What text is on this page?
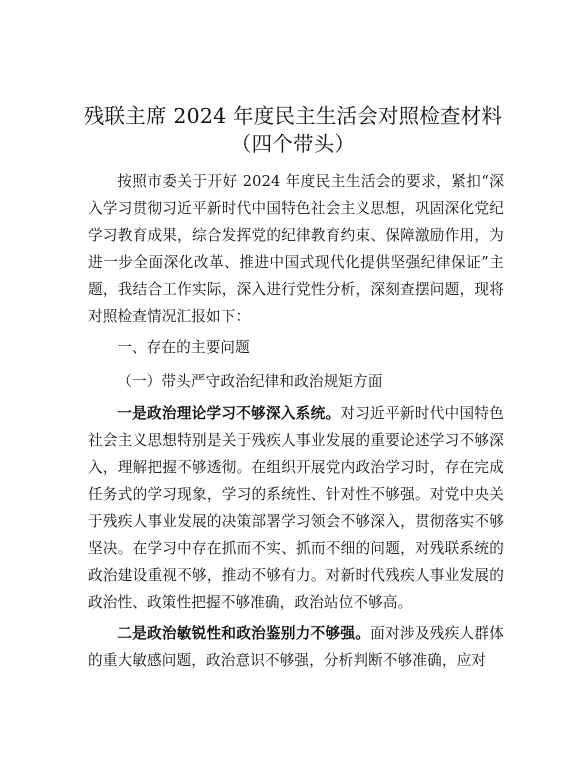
残联主席 2024 年度民主生活会对照检查材料
（四个带头）

按照市委关于开好 2024 年度民主生活会的要求，紧扣“深入学习贯彻习近平新时代中国特色社会主义思想，巩固深化党纪学习教育成果，综合发挥党的纪律教育约束、保障激励作用，为进一步全面深化改革、推进中国式现代化提供坚强纪律保证”主题，我结合工作实际，深入进行党性分析，深刻查摆问题，现将对照检查情况汇报如下：

一、存在的主要问题

（一）带头严守政治纪律和政治规矩方面

一是政治理论学习不够深入系统。对习近平新时代中国特色社会主义思想特别是关于残疾人事业发展的重要论述学习不够深入，理解把握不够透彻。在组织开展党内政治学习时，存在完成任务式的学习现象，学习的系统性、针对性不够强。对党中央关于残疾人事业发展的决策部署学习领会不够深入，贯彻落实不够坚决。在学习中存在抓而不实、抓而不细的问题，对残联系统的政治建设重视不够，推动不够有力。对新时代残疾人事业发展的政治性、政策性把握不够准确，政治站位不够高。

二是政治敏锐性和政治鉴别力不够强。面对涉及残疾人群体的重大敏感问题，政治意识不够强，分析判断不够准确，应对
